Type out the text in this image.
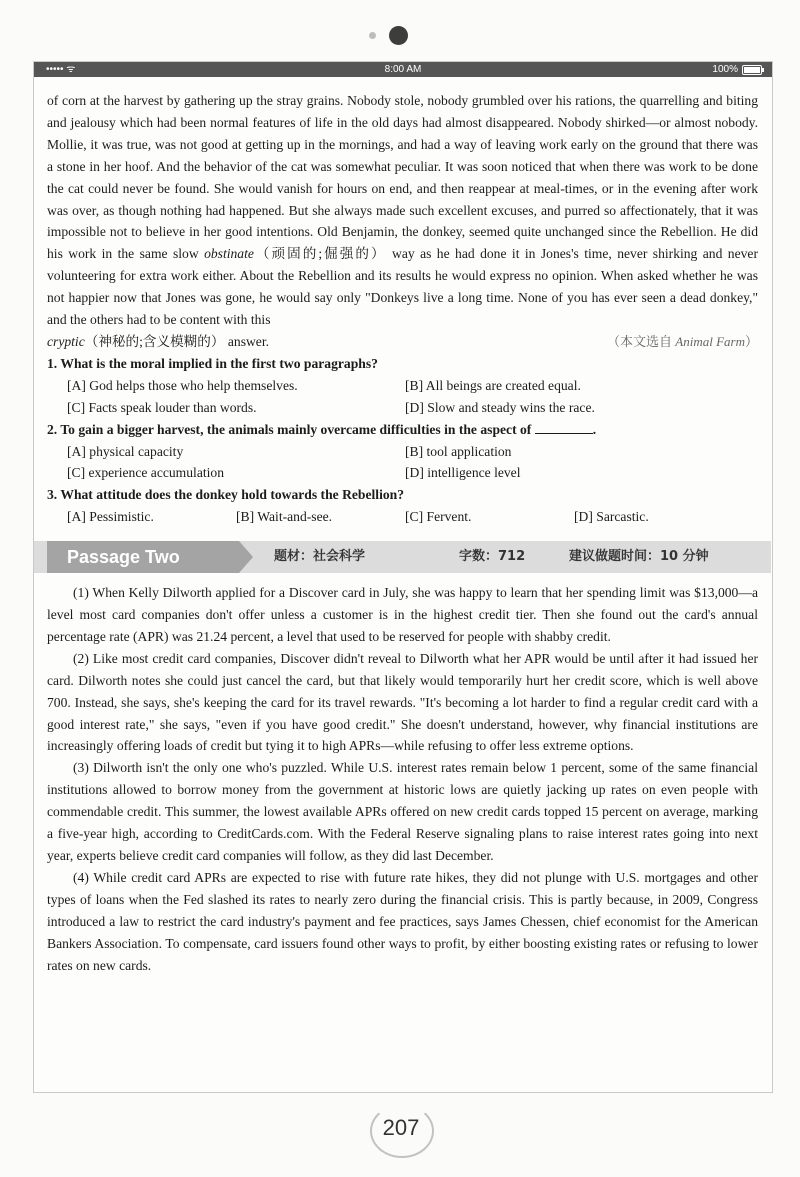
••••• ᯤ	8:00 AM	100%

of corn at the harvest by gathering up the stray grains. Nobody stole, nobody grumbled over his rations, the quarrelling and biting and jealousy which had been normal features of life in the old days had almost disappeared. Nobody shirked—or almost nobody. Mollie, it was true, was not good at getting up in the mornings, and had a way of leaving work early on the ground that there was a stone in her hoof. And the behavior of the cat was somewhat peculiar. It was soon noticed that when there was work to be done the cat could never be found. She would vanish for hours on end, and then reappear at meal-times, or in the evening after work was over, as though nothing had happened. But she always made such excellent excuses, and purred so affectionately, that it was impossible not to believe in her good intentions. Old Benjamin, the donkey, seemed quite unchanged since the Rebellion. He did his work in the same slow obstinate（顽固的;倔强的） way as he had done it in Jones's time, never shirking and never volunteering for extra work either. About the Rebellion and its results he would express no opinion. When asked whether he was not happier now that Jones was gone, he would say only "Donkeys live a long time. None of you has ever seen a dead donkey," and the others had to be content with this

cryptic（神秘的;含义模糊的） answer.	（本文选自 Animal Farm）

1. What is the moral implied in the first two paragraphs?

[A] God helps those who help themselves.	[B] All beings are created equal.
[C] Facts speak louder than words.	[D] Slow and steady wins the race.

2. To gain a bigger harvest, the animals mainly overcame difficulties in the aspect of	.

[A] physical capacity	[B] tool application
[C] experience accumulation	[D] intelligence level

3. What attitude does the donkey hold towards the Rebellion?

[A] Pessimistic.	[B] Wait-and-see.	[C] Fervent.	[D] Sarcastic.
Passage Two	题材：社会科学	字数：712	建议做题时间：10 分钟

(1) When Kelly Dilworth applied for a Discover card in July, she was happy to learn that her spending limit was $13,000—a level most card companies don't offer unless a customer is in the highest credit tier. Then she found out the card's annual percentage rate (APR) was 21.24 percent, a level that used to be reserved for people with shabby credit.

(2) Like most credit card companies, Discover didn't reveal to Dilworth what her APR would be until after it had issued her card. Dilworth notes she could just cancel the card, but that likely would temporarily hurt her credit score, which is well above 700. Instead, she says, she's keeping the card for its travel rewards. "It's becoming a lot harder to find a regular credit card with a good interest rate," she says, "even if you have good credit." She doesn't understand, however, why financial institutions are increasingly offering loads of credit but tying it to high APRs—while refusing to offer less extreme options.

(3) Dilworth isn't the only one who's puzzled. While U.S. interest rates remain below 1 percent, some of the same financial institutions allowed to borrow money from the government at historic lows are quietly jacking up rates on even people with commendable credit. This summer, the lowest available APRs offered on new credit cards topped 15 percent on average, marking a five-year high, according to CreditCards.com. With the Federal Reserve signaling plans to raise interest rates going into next year, experts believe credit card companies will follow, as they did last December.

(4) While credit card APRs are expected to rise with future rate hikes, they did not plunge with U.S. mortgages and other types of loans when the Fed slashed its rates to nearly zero during the financial crisis. This is partly because, in 2009, Congress introduced a law to restrict the card industry's payment and fee practices, says James Chessen, chief economist for the American Bankers Association. To compensate, card issuers found other ways to profit, by either boosting existing rates or refusing to lower rates on new cards.

207
